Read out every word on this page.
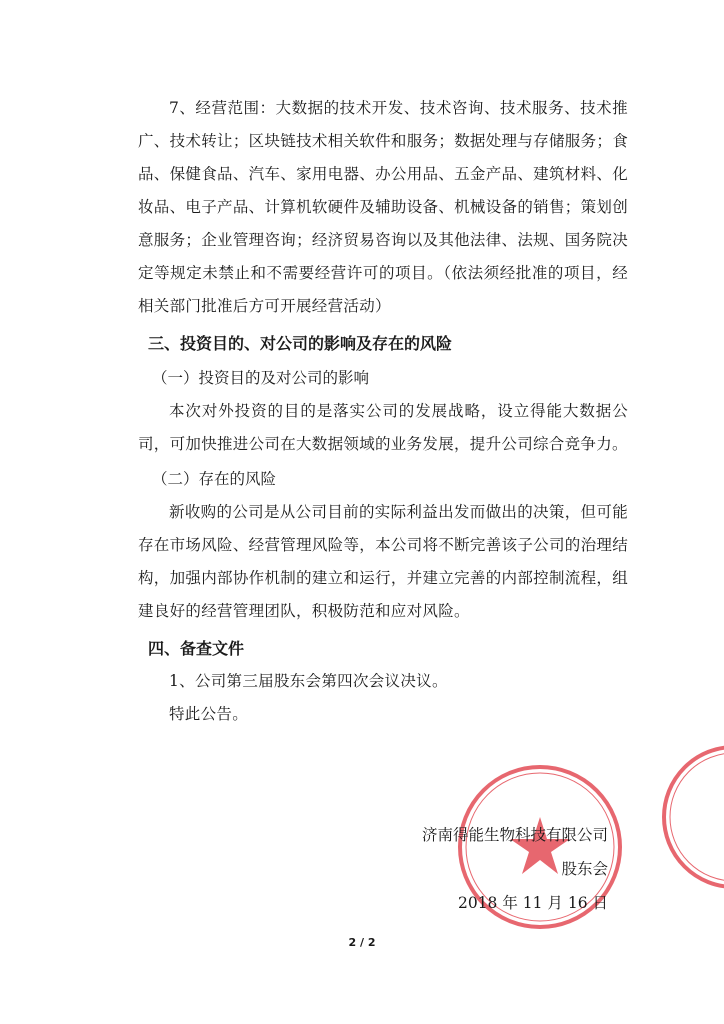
7、经营范围：大数据的技术开发、技术咨询、技术服务、技术推广、技术转让；区块链技术相关软件和服务；数据处理与存储服务；食品、保健食品、汽车、家用电器、办公用品、五金产品、建筑材料、化妆品、电子产品、计算机软硬件及辅助设备、机械设备的销售；策划创意服务；企业管理咨询；经济贸易咨询以及其他法律、法规、国务院决定等规定未禁止和不需要经营许可的项目。（依法须经批准的项目，经相关部门批准后方可开展经营活动）

三、投资目的、对公司的影响及存在的风险

（一）投资目的及对公司的影响

本次对外投资的目的是落实公司的发展战略，设立得能大数据公司，可加快推进公司在大数据领域的业务发展，提升公司综合竞争力。

（二）存在的风险

新收购的公司是从公司目前的实际利益出发而做出的决策，但可能存在市场风险、经营管理风险等，本公司将不断完善该子公司的治理结构，加强内部协作机制的建立和运行，并建立完善的内部控制流程，组建良好的经营管理团队，积极防范和应对风险。

四、备查文件

1、公司第三届股东会第四次会议决议。

特此公告。

济南得能生物科技有限公司
股东会
2018 年 11 月 16 日
2 / 2
